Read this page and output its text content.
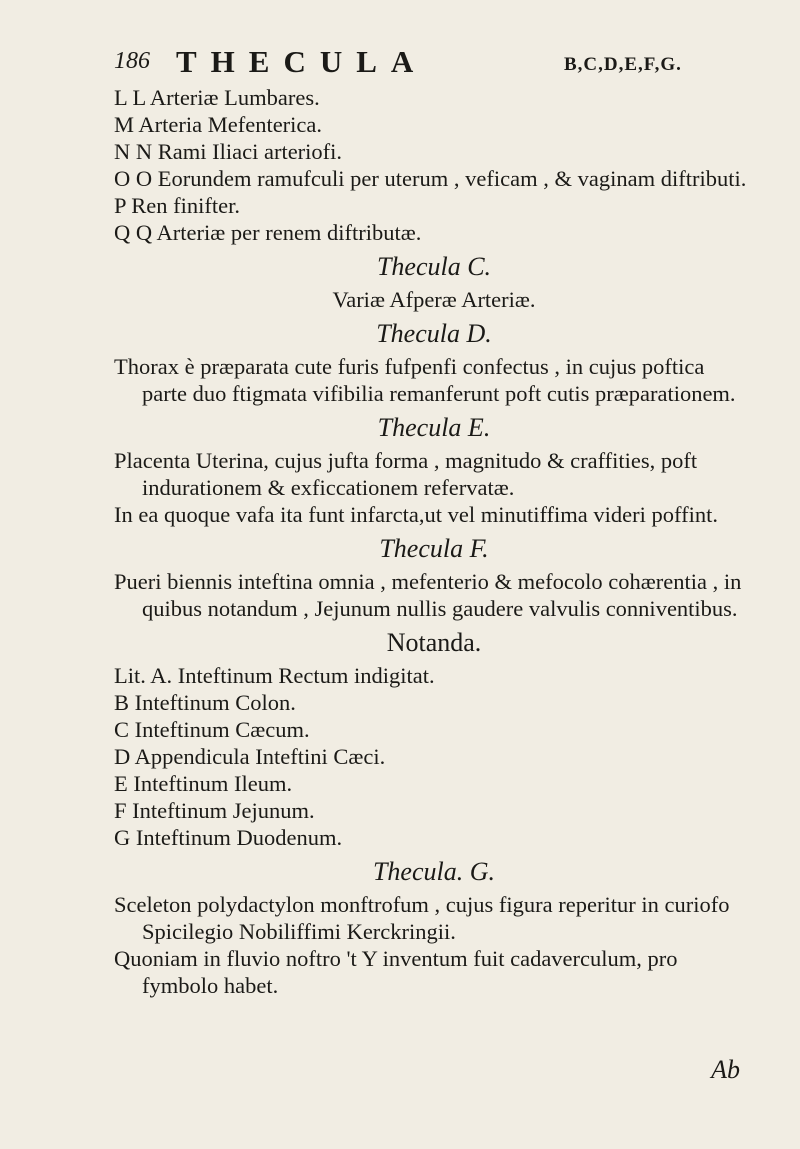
186 THECULA	B,C,D,E,F,G.

L L Arteriæ Lumbares.

M Arteria Mefenterica.

N N Rami Iliaci arteriofi.

O O Eorundem ramufculi per uterum , veficam , & vaginam diftributi.

P Ren finifter.

Q Q Arteriæ per renem diftributæ.

Thecula C.

Variæ Afperæ Arteriæ.

Thecula D.

Thorax è præparata cute furis fufpenfi confectus , in cujus poftica parte duo ftigmata vifibilia remanferunt poft cutis præparationem.

Thecula E.

Placenta Uterina, cujus jufta forma , magnitudo & craffities, poft indurationem & exficcationem refervatæ.

In ea quoque vafa ita funt infarcta,ut vel minutiffima videri poffint.

Thecula F.

Pueri biennis inteftina omnia , mefenterio & mefocolo cohærentia , in quibus notandum , Jejunum nullis gaudere valvulis conniventibus.

Notanda.

Lit. A. Inteftinum Rectum indigitat.

B Inteftinum Colon.

C Inteftinum Cæcum.

D Appendicula Inteftini Cæci.

E Inteftinum Ileum.

F Inteftinum Jejunum.

G Inteftinum Duodenum.

Thecula. G.

Sceleton polydactylon monftrofum , cujus figura reperitur in curiofo Spicilegio Nobiliffimi Kerckringii.

Quoniam in fluvio noftro 't Y inventum fuit cadaverculum, pro fymbolo habet.

Ab
